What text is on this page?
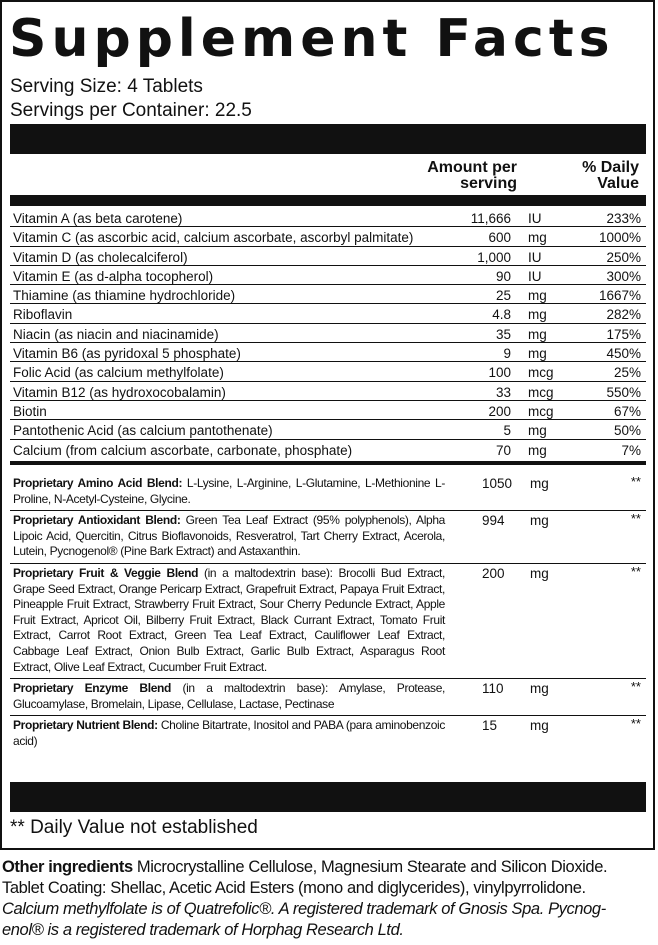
Supplement Facts
Serving Size: 4 Tablets
Servings per Container: 22.5
Amount per serving
% Daily Value
Vitamin A (as beta carotene)	11,666 IU	233%
Vitamin C (as ascorbic acid, calcium ascorbate, ascorbyl palmitate)	600 mg	1000%
Vitamin D (as cholecalciferol)	1,000 IU	250%
Vitamin E (as d-alpha tocopherol)	90 IU	300%
Thiamine (as thiamine hydrochloride)	25 mg	1667%
Riboflavin	4.8 mg	282%
Niacin (as niacin and niacinamide)	35 mg	175%
Vitamin B6 (as pyridoxal 5 phosphate)	9 mg	450%
Folic Acid (as calcium methylfolate)	100 mcg	25%
Vitamin B12 (as hydroxocobalamin)	33 mcg	550%
Biotin	200 mcg	67%
Pantothenic Acid (as calcium pantothenate)	5 mg	50%
Calcium (from calcium ascorbate, carbonate, phosphate)	70 mg	7%
Proprietary Amino Acid Blend: L-Lysine, L-Arginine, L-Glutamine, L-Methionine L-Proline, N-Acetyl-Cysteine, Glycine.
1050 mg	**
Proprietary Antioxidant Blend: Green Tea Leaf Extract (95% polyphenols), Alpha Lipoic Acid, Quercitin, Citrus Bioflavonoids, Resveratrol, Tart Cherry Extract, Acerola, Lutein, Pycnogenol® (Pine Bark Extract) and Astaxanthin.
994 mg	**
Proprietary Fruit & Veggie Blend (in a maltodextrin base): Brocolli Bud Extract, Grape Seed Extract, Orange Pericarp Extract, Grapefruit Extract, Papaya Fruit Extract, Pineapple Fruit Extract, Strawberry Fruit Extract, Sour Cherry Peduncle Extract, Apple Fruit Extract, Apricot Oil, Bilberry Fruit Extract, Black Currant Extract, Tomato Fruit Extract, Carrot Root Extract, Green Tea Leaf Extract, Cauliflower Leaf Extract, Cabbage Leaf Extract, Onion Bulb Extract, Garlic Bulb Extract, Asparagus Root Extract, Olive Leaf Extract, Cucumber Fruit Extract.
200 mg	**
Proprietary Enzyme Blend (in a maltodextrin base): Amylase, Protease, Glucoamylase, Bromelain, Lipase, Cellulase, Lactase, Pectinase
110 mg	**
Proprietary Nutrient Blend: Choline Bitartrate, Inositol and PABA (para aminobenzoic acid)
15 mg	**
** Daily Value not established

Other ingredients Microcrystalline Cellulose, Magnesium Stearate and Silicon Dioxide.

Tablet Coating: Shellac, Acetic Acid Esters (mono and diglycerides), vinylpyrrolidone.

Calcium methylfolate is of Quatrefolic®. A registered trademark of Gnosis Spa. Pycnog-

enol® is a registered trademark of Horphag Research Ltd.
